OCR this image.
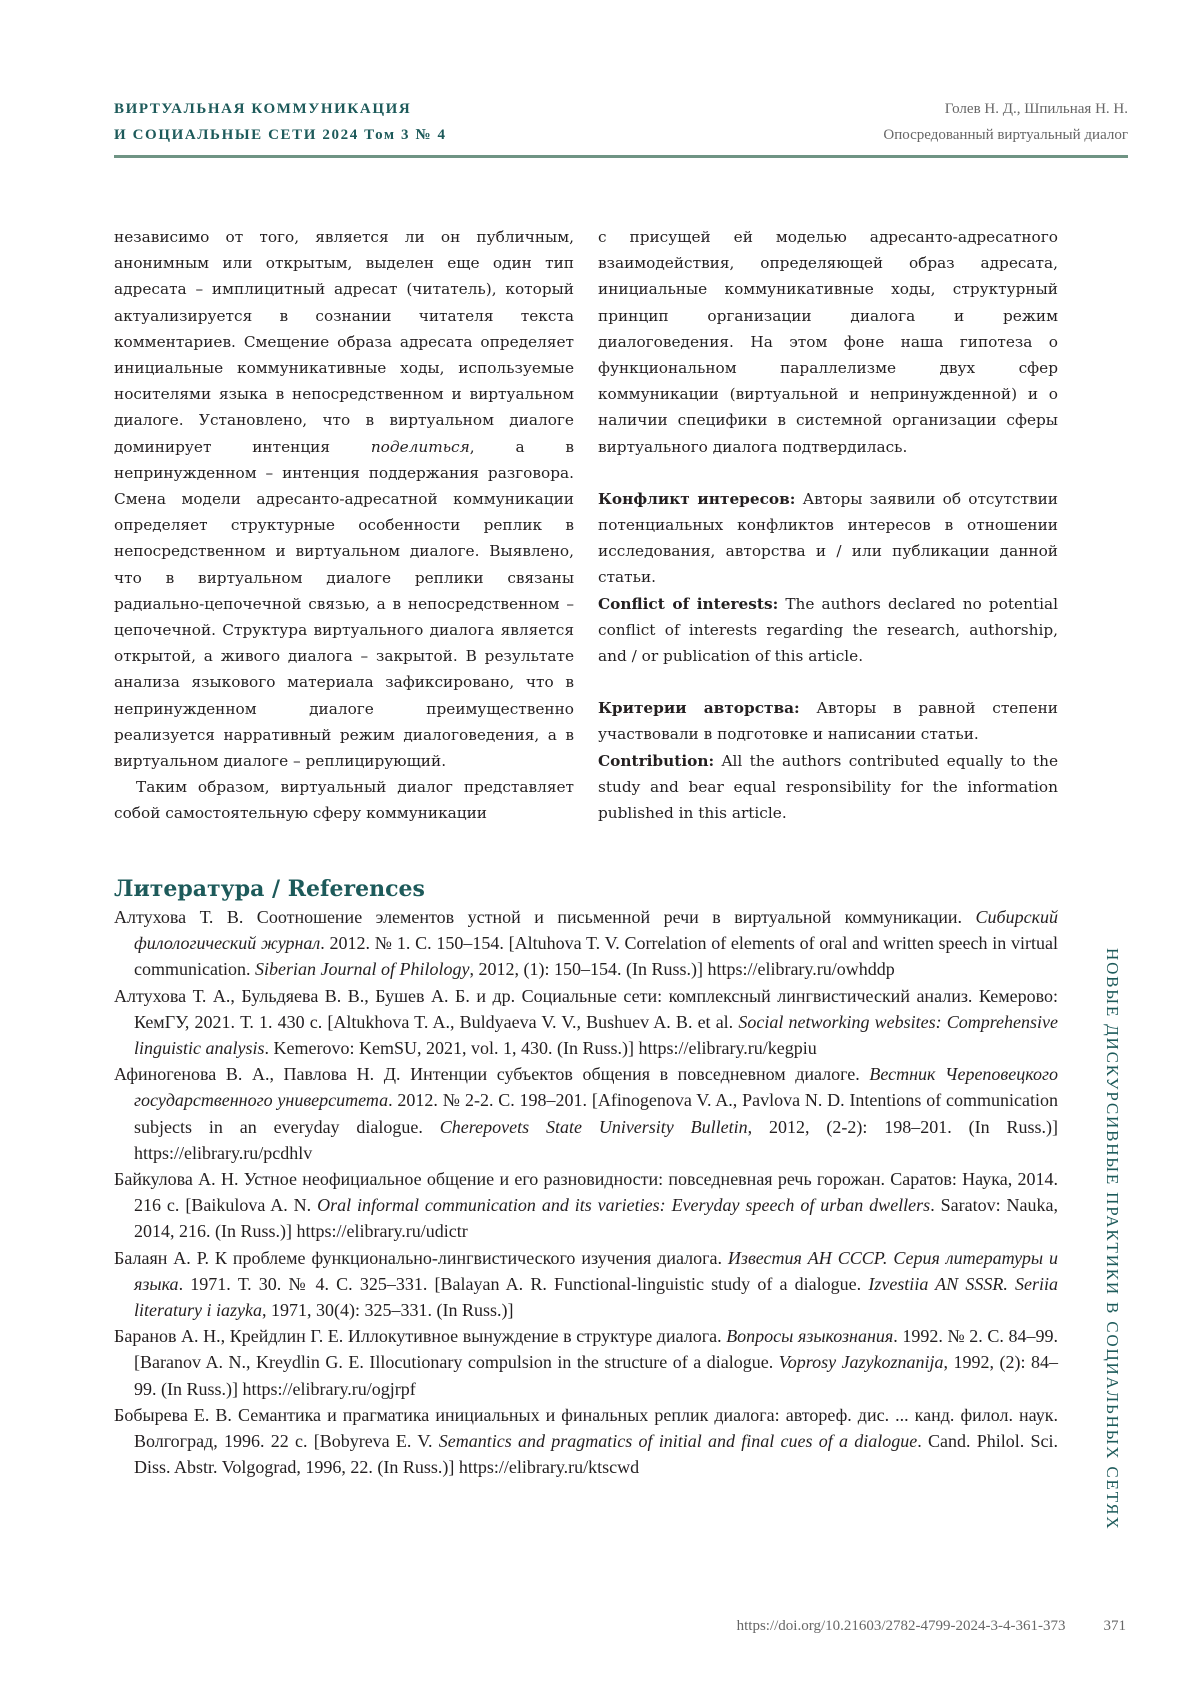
ВИРТУАЛЬНАЯ КОММУНИКАЦИЯ
И СОЦИАЛЬНЫЕ СЕТИ 2024 Том 3 № 4
Голев Н. Д., Шпильная Н. Н.
Опосредованный виртуальный диалог

независимо от того, является ли он публичным, анонимным или открытым, выделен еще один тип адресата – имплицитный адресат (читатель), который актуализируется в сознании читателя текста комментариев. Смещение образа адресата определяет инициальные коммуникативные ходы, используемые носителями языка в непосредственном и виртуальном диалоге. Установлено, что в виртуальном диалоге доминирует интенция поделиться, а в непринужденном – интенция поддержания разговора. Смена модели адресанто-адресатной коммуникации определяет структурные особенности реплик в непосредственном и виртуальном диалоге. Выявлено, что в виртуальном диалоге реплики связаны радиально-цепочечной связью, а в непосредственном – цепочечной. Структура виртуального диалога является открытой, а живого диалога – закрытой. В результате анализа языкового материала зафиксировано, что в непринужденном диалоге преимущественно реализуется нарративный режим диалоговедения, а в виртуальном диалоге – реплицирующий.

Таким образом, виртуальный диалог представляет собой самостоятельную сферу коммуникации

с присущей ей моделью адресанто-адресатного взаимодействия, определяющей образ адресата, инициальные коммуникативные ходы, структурный принцип организации диалога и режим диалоговедения. На этом фоне наша гипотеза о функциональном параллелизме двух сфер коммуникации (виртуальной и непринужденной) и о наличии специфики в системной организации сферы виртуального диалога подтвердилась.

Конфликт интересов: Авторы заявили об отсутствии потенциальных конфликтов интересов в отношении исследования, авторства и / или публикации данной статьи.

Conflict of interests: The authors declared no potential conflict of interests regarding the research, authorship, and / or publication of this article.

Критерии авторства: Авторы в равной степени участвовали в подготовке и написании статьи.

Contribution: All the authors contributed equally to the study and bear equal responsibility for the information published in this article.

Литература / References

Алтухова Т. В. Соотношение элементов устной и письменной речи в виртуальной коммуникации. Сибирский филологический журнал. 2012. № 1. С. 150–154. [Altuhova T. V. Correlation of elements of oral and written speech in virtual communication. Siberian Journal of Philology, 2012, (1): 150–154. (In Russ.)] https://elibrary.ru/owhddp

Алтухова Т. А., Бульдяева В. В., Бушев А. Б. и др. Социальные сети: комплексный лингвистический анализ. Кемерово: КемГУ, 2021. Т. 1. 430 с. [Altukhova T. A., Buldyaeva V. V., Bushuev A. B. et al. Social networking websites: Comprehensive linguistic analysis. Kemerovo: KemSU, 2021, vol. 1, 430. (In Russ.)] https://elibrary.ru/kegpiu

Афиногенова В. А., Павлова Н. Д. Интенции субъектов общения в повседневном диалоге. Вестник Череповецкого государственного университета. 2012. № 2-2. С. 198–201. [Afinogenova V. A., Pavlova N. D. Intentions of communication subjects in an everyday dialogue. Cherepovets State University Bulletin, 2012, (2-2): 198–201. (In Russ.)] https://elibrary.ru/pcdhlv

Байкулова А. Н. Устное неофициальное общение и его разновидности: повседневная речь горожан. Саратов: Наука, 2014. 216 с. [Baikulova A. N. Oral informal communication and its varieties: Everyday speech of urban dwellers. Saratov: Nauka, 2014, 216. (In Russ.)] https://elibrary.ru/udictr

Балаян А. Р. К проблеме функционально-лингвистического изучения диалога. Известия АН СССР. Серия литературы и языка. 1971. Т. 30. № 4. С. 325–331. [Balayan A. R. Functional-linguistic study of a dialogue. Izvestiia AN SSSR. Seriia literatury i iazyka, 1971, 30(4): 325–331. (In Russ.)]

Баранов А. Н., Крейдлин Г. Е. Иллокутивное вынуждение в структуре диалога. Вопросы языкознания. 1992. № 2. С. 84–99. [Baranov A. N., Kreydlin G. E. Illocutionary compulsion in the structure of a dialogue. Voprosy Jazykoznanija, 1992, (2): 84–99. (In Russ.)] https://elibrary.ru/ogjrpf

Бобырева Е. В. Семантика и прагматика инициальных и финальных реплик диалога: автореф. дис. ... канд. филол. наук. Волгоград, 1996. 22 с. [Bobyreva E. V. Semantics and pragmatics of initial and final cues of a dialogue. Cand. Philol. Sci. Diss. Abstr. Volgograd, 1996, 22. (In Russ.)] https://elibrary.ru/ktscwd

https://doi.org/10.21603/2782-4799-2024-3-4-361-373	371
НОВЫЕ ДИСКУРСИВНЫЕ ПРАКТИКИ В СОЦИАЛЬНЫХ СЕТЯХ
